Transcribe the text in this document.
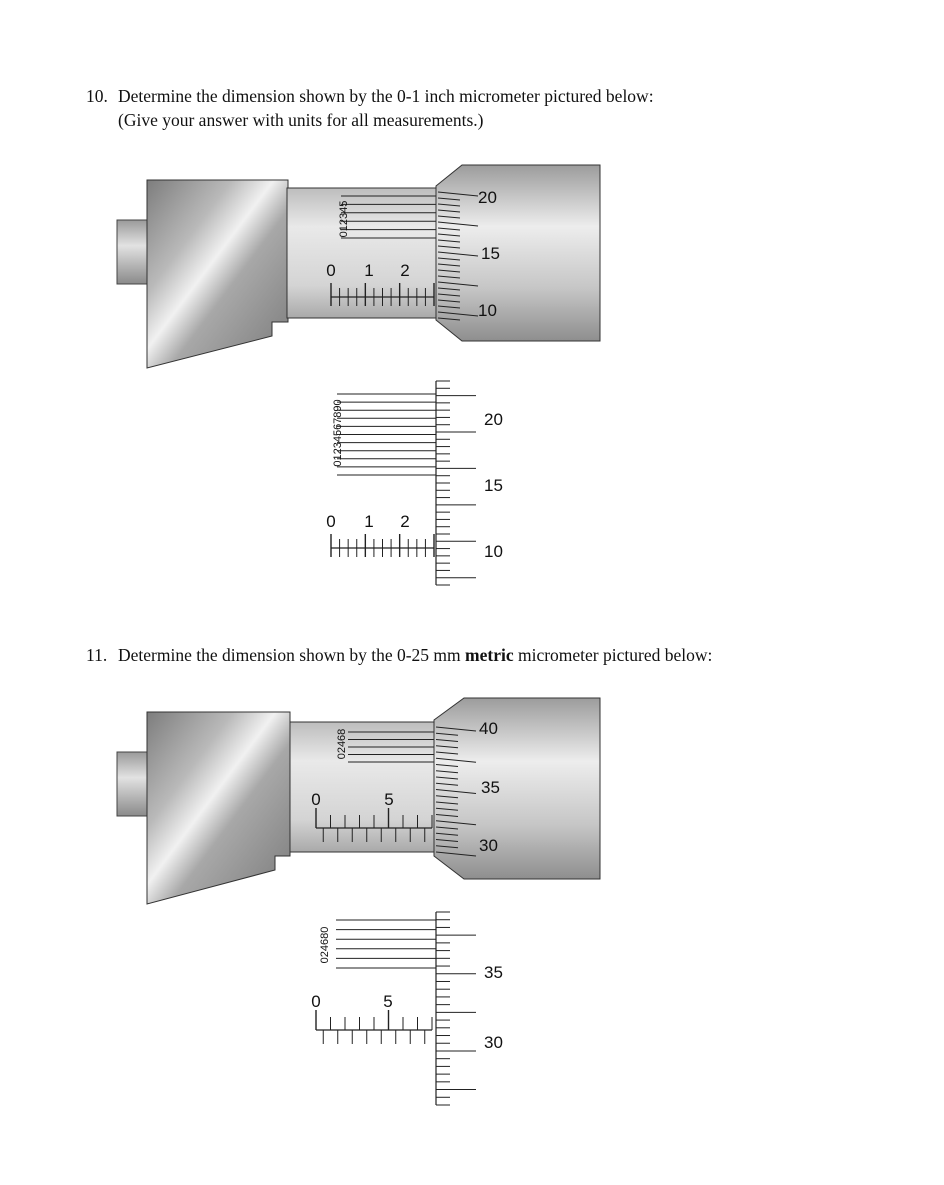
10. Determine the dimension shown by the 0-1 inch micrometer pictured below:
(Give your answer with units for all measurements.)
11. Determine the dimension shown by the 0-25 mm metric micrometer pictured below:
012345
0 1 2
20
15
10
01234567890
0 1 2
20
15
10
02468
0	5
40
35
30
024680
0	5
35
30
